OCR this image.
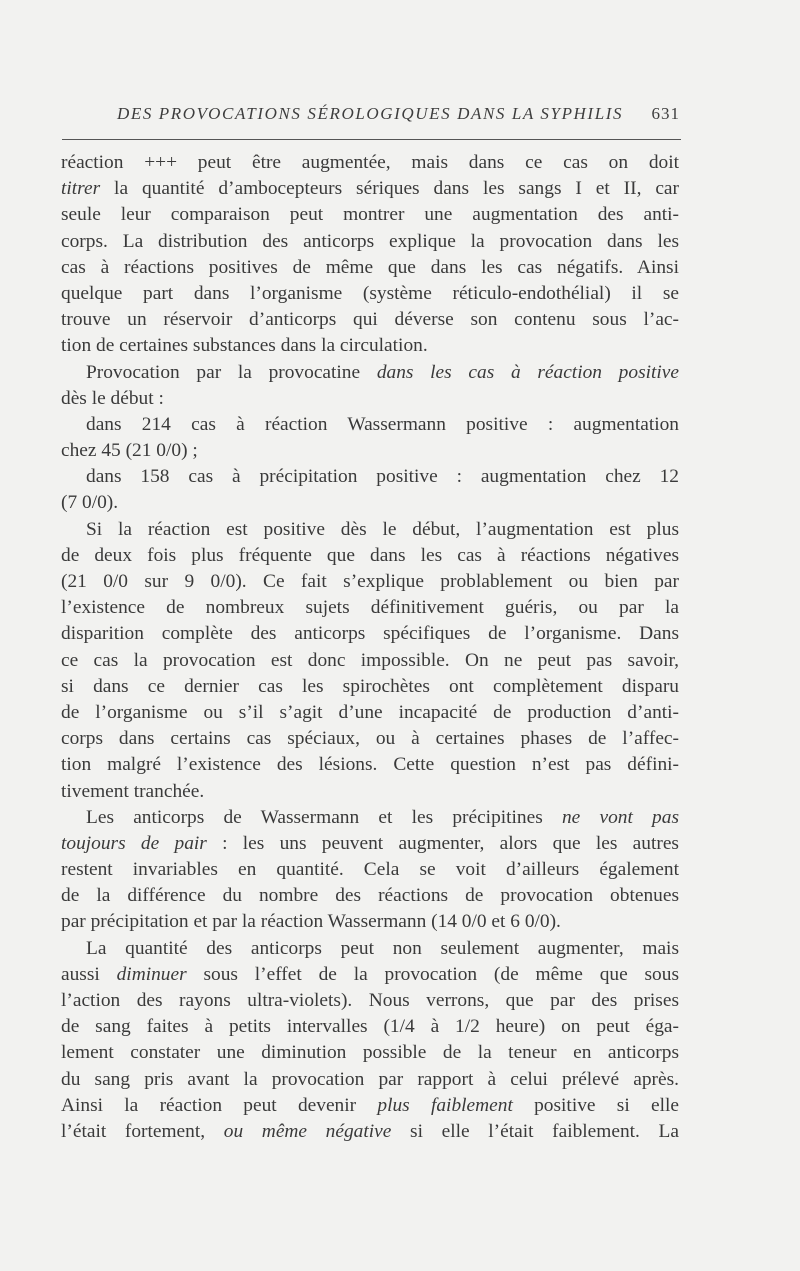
DES PROVOCATIONS SÉROLOGIQUES DANS LA SYPHILIS 631
réaction +++ peut être augmentée, mais dans ce cas on doit
titrer la quantité d’ambocepteurs sériques dans les sangs I et II, car
seule leur comparaison peut montrer une augmentation des anti-
corps. La distribution des anticorps explique la provocation dans les
cas à réactions positives de même que dans les cas négatifs. Ainsi
quelque part dans l’organisme (système réticulo-endothélial) il se
trouve un réservoir d’anticorps qui déverse son contenu sous l’ac-
tion de certaines substances dans la circulation.
Provocation par la provocatine dans les cas à réaction positive
dès le début :
dans 214 cas à réaction Wassermann positive : augmentation
chez 45 (21 0/0) ;
dans 158 cas à précipitation positive : augmentation chez 12
(7 0/0).
Si la réaction est positive dès le début, l’augmentation est plus
de deux fois plus fréquente que dans les cas à réactions négatives
(21 0/0 sur 9 0/0). Ce fait s’explique problablement ou bien par
l’existence de nombreux sujets définitivement guéris, ou par la
disparition complète des anticorps spécifiques de l’organisme. Dans
ce cas la provocation est donc impossible. On ne peut pas savoir,
si dans ce dernier cas les spirochètes ont complètement disparu
de l’organisme ou s’il s’agit d’une incapacité de production d’anti-
corps dans certains cas spéciaux, ou à certaines phases de l’affec-
tion malgré l’existence des lésions. Cette question n’est pas défini-
tivement tranchée.
Les anticorps de Wassermann et les précipitines ne vont pas
toujours de pair : les uns peuvent augmenter, alors que les autres
restent invariables en quantité. Cela se voit d’ailleurs également
de la différence du nombre des réactions de provocation obtenues
par précipitation et par la réaction Wassermann (14 0/0 et 6 0/0).
La quantité des anticorps peut non seulement augmenter, mais
aussi diminuer sous l’effet de la provocation (de même que sous
l’action des rayons ultra-violets). Nous verrons, que par des prises
de sang faites à petits intervalles (1/4 à 1/2 heure) on peut éga-
lement constater une diminution possible de la teneur en anticorps
du sang pris avant la provocation par rapport à celui prélevé après.
Ainsi la réaction peut devenir plus faiblement positive si elle
l’était fortement, ou même négative si elle l’était faiblement. La
